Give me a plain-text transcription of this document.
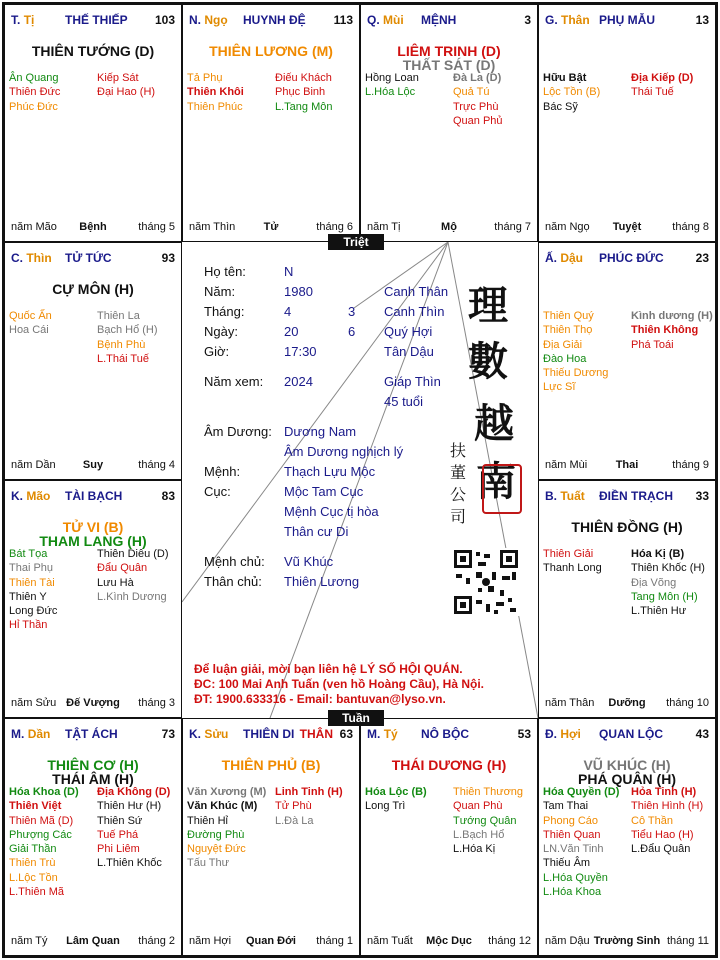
T. Tị	THẾ THIẾP 103
THIÊN TƯỚNG (D)
Ân Quang
Thiên Đức
Phúc Đức
Kiếp Sát
Đại Hao (H)
năm Mão	Bệnh	tháng 5
N. Ngọ HUYNH ĐỆ 113
THIÊN LƯƠNG (M)
Tả Phụ
Thiên Khôi
Thiên Phúc
Điếu Khách
Phục Binh
L.Tang Môn
năm Thìn	Tử	tháng 6
Q. Mùi MỆNH	3
LIÊM TRINH (D)
THẤT SÁT (D)
Hồng Loan
L.Hóa Lộc
Đà La (D)
Quả Tú
Trực Phù
Quan Phủ
năm Tị	Mộ	tháng 7
G. Thân PHỤ MẪU	13
Hữu Bật
Lộc Tồn (B)
Bác Sỹ
Địa Kiếp (D)
Thái Tuế
năm Ngọ	Tuyệt	tháng 8
C. Thìn TỬ TỨC	93
CỰ MÔN (H)
Quốc Ấn
Hoa Cái
Thiên La
Bạch Hổ (H)
Bệnh Phù
L.Thái Tuế
năm Dần	Suy	tháng 4
Ấ. Dậu PHÚC ĐỨC	23
Thiên Quý
Thiên Thọ
Địa Giải
Đào Hoa
Thiếu Dương
Lực Sĩ
Kình dương (H)
Thiên Không
Phá Toái
năm Mùi	Thai	tháng 9
K. Mão TÀI BẠCH	83
TỬ VI (B)
THAM LANG (H)
Bát Tọa
Thai Phụ
Thiên Tài
Thiên Y
Long Đức
Hỉ Thần
Thiên Diêu (D)
Đẩu Quân
Lưu Hà
L.Kình Dương
năm Sửu Đế Vượng	tháng 3
B. Tuất ĐIỀN TRẠCH 33
THIÊN ĐỒNG (H)
Thiên Giải
Thanh Long
Hóa Kị (B)
Thiên Khốc (H)
Địa Võng
Tang Môn (H)
L.Thiên Hư
năm Thân	Dưỡng	tháng 10
M. Dần TẬT ÁCH	73
THIÊN CƠ (H)
THÁI ÂM (H)
Hóa Khoa (D)
Thiên Việt
Thiên Mã (D)
Phượng Các
Giải Thần
Thiên Trù
L.Lộc Tồn
L.Thiên Mã
Địa Không (D)
Thiên Hư (H)
Thiên Sứ
Tuế Phá
Phi Liêm
L.Thiên Khốc
năm Tý	Lâm Quan	tháng 2
K. Sửu THIÊN DI	63
THÂN
THIÊN PHỦ (B)
Văn Xương (M)
Văn Khúc (M)
Thiên Hỉ
Đường Phù
Nguyệt Đức
Tấu Thư
Linh Tinh (H)
Tử Phù
L.Đà La
năm Hợi	Quan Đới	tháng 1
M. Tý NÔ BỘC	53
THÁI DƯƠNG (H)
Hóa Lộc (B)
Long Trì
Thiên Thương
Quan Phù
Tướng Quân
L.Bạch Hổ
L.Hóa Kị
năm Tuất	Mộc Dục	tháng 12
Đ. Hợi QUAN LỘC	43
VŨ KHÚC (H)
PHÁ QUÂN (H)
Hóa Quyền (D)
Tam Thai
Phong Cáo
Thiên Quan
LN.Văn Tinh
Thiếu Âm
L.Hóa Quyền
L.Hóa Khoa
Hỏa Tinh (H)
Thiên Hình (H)
Cô Thần
Tiểu Hao (H)
L.Đẩu Quân
năm Dậu Trường Sinh tháng 11
Họ tên:	N
Năm:	1980	Canh Thân
Tháng:	4	3 Canh Thìn
Ngày:	20	6 Quý Hợi
Giờ:	17:30	Tân Dậu
Năm xem: 2024	Giáp Thìn
45 tuổi
Âm Dương: Dương Nam
Âm Dương nghịch lý
Mệnh:	Thạch Lựu Mộc
Cục:	Mộc Tam Cục
Mệnh Cục tị hòa
Thân cư Di
Mệnh chủ: Vũ Khúc
Thân chủ: Thiên Lương
理
數
越
南
扶
董
公
司
Để luận giải, mời bạn liên hệ LÝ SỐ HỘI QUÁN.
ĐC: 100 Mai Anh Tuấn (ven hồ Hoàng Cầu), Hà Nội.
ĐT: 1900.633316 - Email: bantuvan@lyso.vn.
Triệt
Tuần
